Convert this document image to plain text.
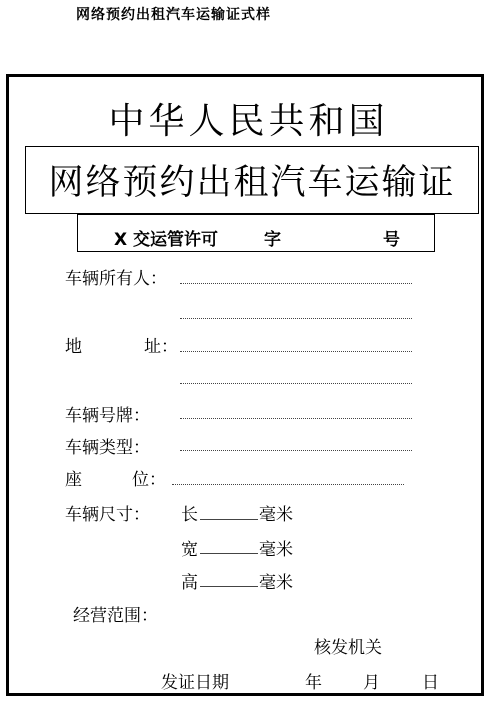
网络预约出租汽车运输证式样
中华人民共和国
网络预约出租汽车运输证
X 交运管许可	字	号
车辆所有人：
地	址：
车辆号牌：
车辆类型：
座	位：
车辆尺寸： 长	毫米
宽	毫米
高	毫米
经营范围：
核发机关
发证日期	年 月 日
